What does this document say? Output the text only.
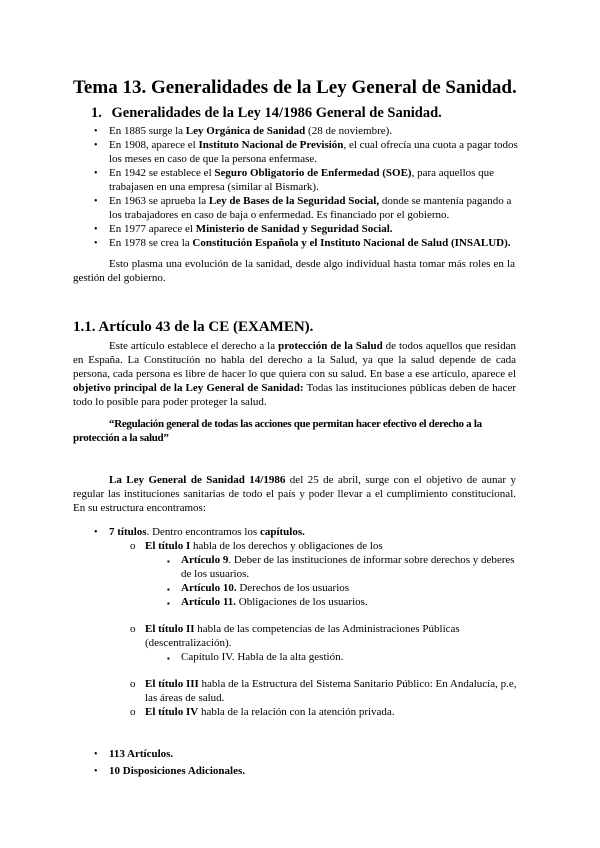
Tema 13. Generalidades de la Ley General de Sanidad.
1. Generalidades de la Ley 14/1986 General de Sanidad.
• En 1885 surge la Ley Orgánica de Sanidad (28 de noviembre).
• En 1908, aparece el Instituto Nacional de Previsión, el cual ofrecía una cuota a pagar todos
los meses en caso de que la persona enfermase.
• En 1942 se establece el Seguro Obligatorio de Enfermedad (SOE), para aquellos que
trabajasen en una empresa (similar al Bismark).
• En 1963 se aprueba la Ley de Bases de la Seguridad Social, donde se mantenía pagando a
los trabajadores en caso de baja o enfermedad. Es financiado por el gobierno.
• En 1977 aparece el Ministerio de Sanidad y Seguridad Social.
• En 1978 se crea la Constitución Española y el Instituto Nacional de Salud (INSALUD).

Esto plasma una evolución de la sanidad, desde algo individual hasta tomar más roles en la gestión del gobierno.

1.1. Artículo 43 de la CE (EXAMEN).

Este artículo establece el derecho a la protección de la Salud de todos aquellos que residan en España. La Constitución no habla del derecho a la Salud, ya que la salud depende de cada persona, cada persona es libre de hacer lo que quiera con su salud. En base a ese artículo, aparece el objetivo principal de la Ley General de Sanidad: Todas las instituciones públicas deben de hacer todo lo posible para poder proteger la salud.

“Regulación general de todas las acciones que permitan hacer efectivo el derecho a la
protección a la salud”

La Ley General de Sanidad 14/1986 del 25 de abril, surge con el objetivo de aunar y regular las instituciones sanitarias de todo el país y poder llevar a el cumplimiento constitucional. En su estructura encontramos:

• 7 títulos. Dentro encontramos los capítulos.
o El título I habla de los derechos y obligaciones de los
▪ Artículo 9. Deber de las instituciones de informar sobre derechos y deberes
de los usuarios.
▪ Artículo 10. Derechos de los usuarios
▪ Artículo 11. Obligaciones de los usuarios.
o El título II habla de las competencias de las Administraciones Públicas
(descentralización).
▪ Capítulo IV. Habla de la alta gestión.
o El título III habla de la Estructura del Sistema Sanitario Público: En Andalucía, p.e,
las áreas de salud.
o El título IV habla de la relación con la atención privada.
• 113 Artículos.
• 10 Disposiciones Adicionales.
